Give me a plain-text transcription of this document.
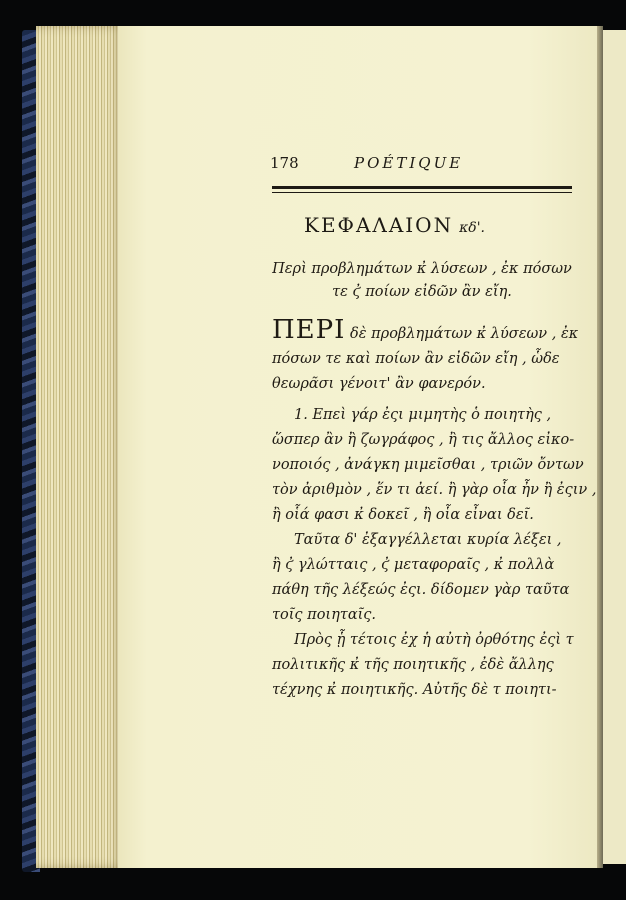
178	POÉTIQUE
ΚΕΦΑΛΑΙΟΝ κδ'.
Περὶ προβλημάτων κ̓ λύσεων , ἐκ πόσων
τε ϛ̓ ποίων εἰδῶν ἂν εἴη.
ΠΕΡΙ δὲ προβλημάτων κ̓ λύσεων , ἐκ
πόσων τε καὶ ποίων ἂν εἰδῶν εἴη , ὧδε
θεωρᾶσι γένοιτ' ἂν φανερόν.
1. Επεὶ γάρ ἐςι μιμητὴς ὁ ποιητὴς ,
ὥσπερ ἂν ἢ ζωγράφος , ἢ τις ἄλλος εἰκο-
νοποιός , ἀνάγκη μιμεῖσθαι , τριῶν ὄντων
τὸν ἀριθμὸν , ἕν τι ἀεί. ἢ γὰρ οἷα ἦν ἢ ἐςιν ,
ἢ οἷά φασι κ̓ δοκεῖ , ἢ οἷα εἶναι δεῖ.
Ταῦτα δ' ἐξαγγέλλεται κυρία λέξει ,
ἢ ϛ̓ γλώτταις , ϛ̓ μεταφοραῖς , κ̓ πολλὰ
πάθη τῆς λέξεώς ἐςι. δίδομεν γὰρ ταῦτα
τοῖς ποιηταῖς.
Πρὸς ᾗ τέτοις ἐχ ἡ αὐτὴ ὀρθότης ἐςὶ τ
πολιτικῆς κ̓ τῆς ποιητικῆς , ἐδὲ ἄλλης
τέχνης κ̓ ποιητικῆς. Αὐτῆς δὲ τ ποιητι-
